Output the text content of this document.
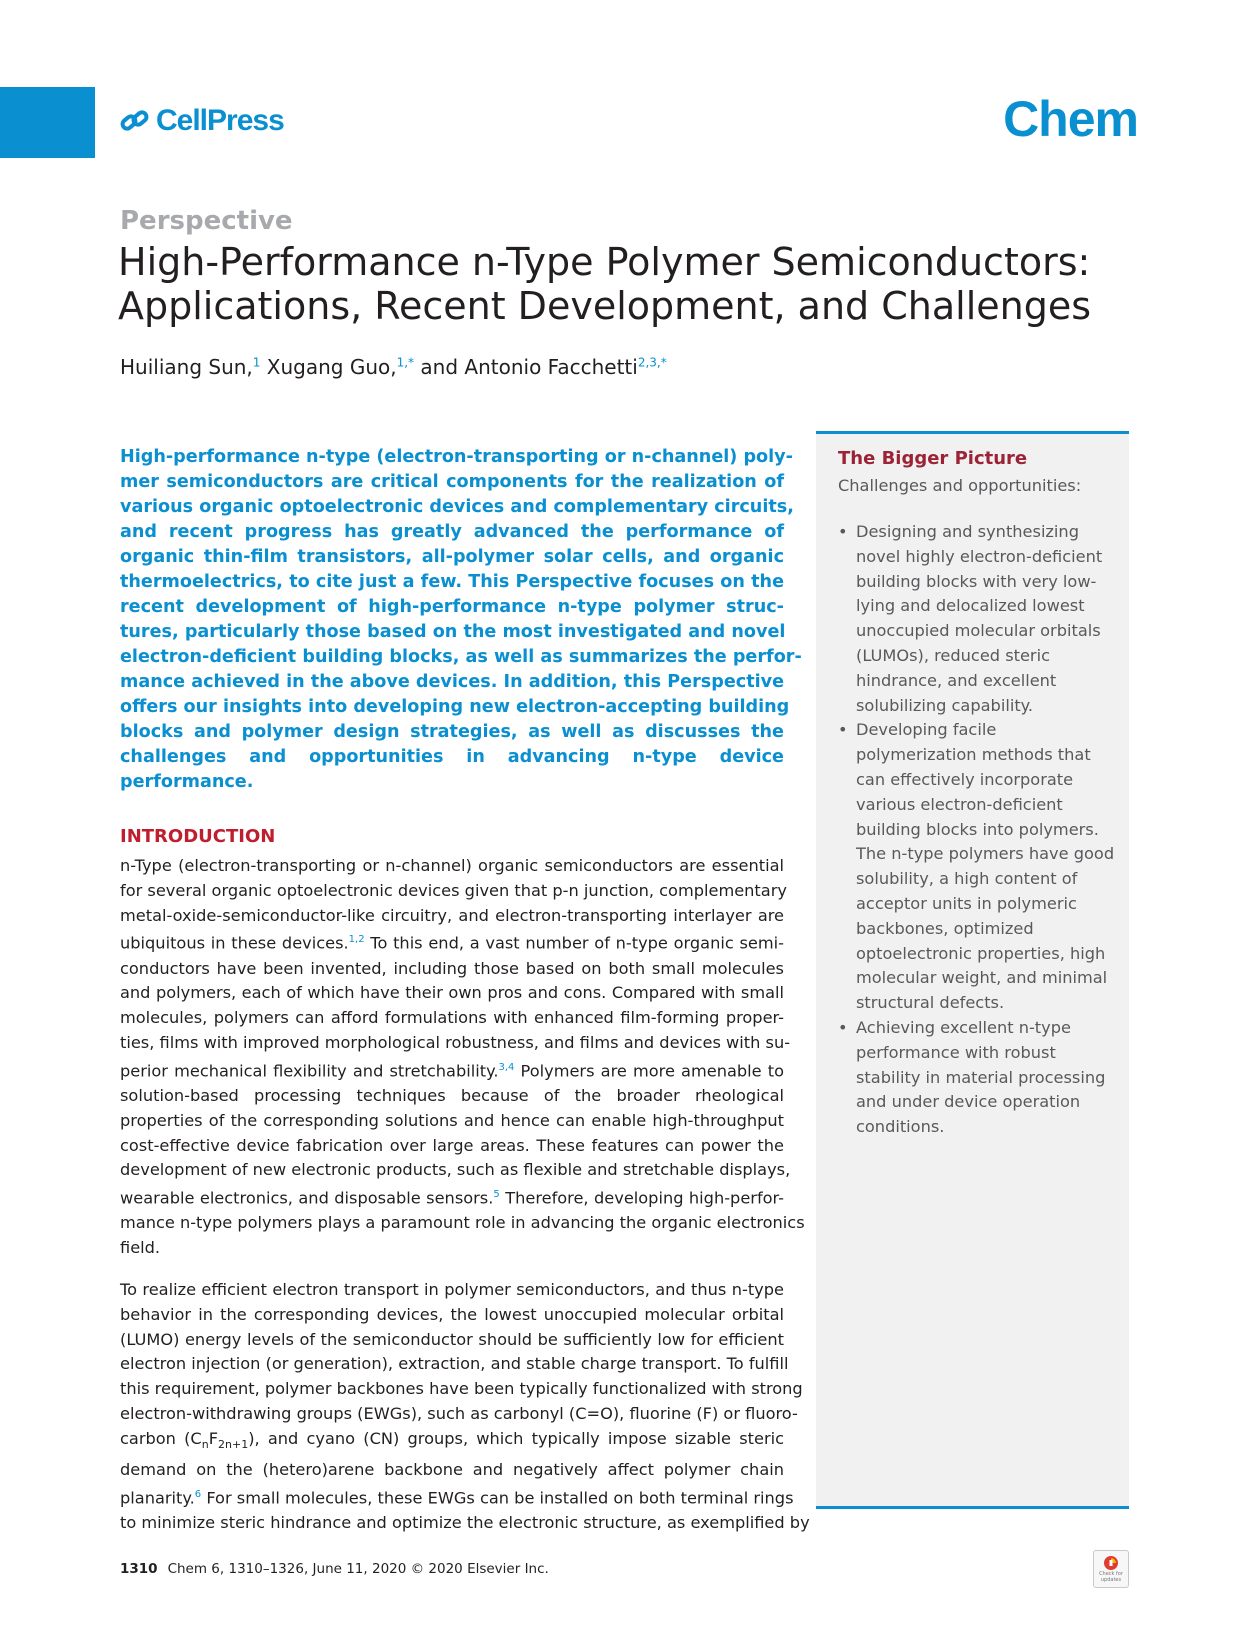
CellPress	Chem
Perspective
High-Performance n-Type Polymer Semiconductors:
Applications, Recent Development, and Challenges
Huiliang Sun,$^1$ Xugang Guo,$^{1,*}$ and Antonio Facchetti$^{2,3,*}$
High-performance n-type (electron-transporting or n-channel) poly-
mer semiconductors are critical components for the realization of
various organic optoelectronic devices and complementary circuits,
and recent progress has greatly advanced the performance of
organic thin-film transistors, all-polymer solar cells, and organic
thermoelectrics, to cite just a few. This Perspective focuses on the
recent development of high-performance n-type polymer struc-
tures, particularly those based on the most investigated and novel
electron-deficient building blocks, as well as summarizes the perfor-
mance achieved in the above devices. In addition, this Perspective
offers our insights into developing new electron-accepting building
blocks and polymer design strategies, as well as discusses the
challenges and opportunities in advancing n-type device
performance.
INTRODUCTION
n-Type (electron-transporting or n-channel) organic semiconductors are essential
for several organic optoelectronic devices given that p-n junction, complementary
metal-oxide-semiconductor-like circuitry, and electron-transporting interlayer are
ubiquitous in these devices.$^{1,2}$ To this end, a vast number of n-type organic semi-
conductors have been invented, including those based on both small molecules
and polymers, each of which have their own pros and cons. Compared with small
molecules, polymers can afford formulations with enhanced film-forming proper-
ties, films with improved morphological robustness, and films and devices with su-
perior mechanical flexibility and stretchability.$^{3,4}$ Polymers are more amenable to
solution-based processing techniques because of the broader rheological
properties of the corresponding solutions and hence can enable high-throughput
cost-effective device fabrication over large areas. These features can power the
development of new electronic products, such as flexible and stretchable displays,
wearable electronics, and disposable sensors.$^5$ Therefore, developing high-perfor-
mance n-type polymers plays a paramount role in advancing the organic electronics
field.
To realize efficient electron transport in polymer semiconductors, and thus n-type
behavior in the corresponding devices, the lowest unoccupied molecular orbital
(LUMO) energy levels of the semiconductor should be sufficiently low for efficient
electron injection (or generation), extraction, and stable charge transport. To fulfill
this requirement, polymer backbones have been typically functionalized with strong
electron-withdrawing groups (EWGs), such as carbonyl (C=O), fluorine (F) or fluoro-
carbon $(C_nF_{2n+1})$, and cyano (CN) groups, which typically impose sizable steric
demand on the (hetero)arene backbone and negatively affect polymer chain
planarity.$^6$ For small molecules, these EWGs can be installed on both terminal rings
to minimize steric hindrance and optimize the electronic structure, as exemplified by
The Bigger Picture
Challenges and opportunities:
• Designing and synthesizing
novel highly electron-deficient
building blocks with very low-
lying and delocalized lowest
unoccupied molecular orbitals
(LUMOs), reduced steric
hindrance, and excellent
solubilizing capability.
• Developing facile
polymerization methods that
can effectively incorporate
various electron-deficient
building blocks into polymers.
The n-type polymers have good
solubility, a high content of
acceptor units in polymeric
backbones, optimized
optoelectronic properties, high
molecular weight, and minimal
structural defects.
• Achieving excellent n-type
performance with robust
stability in material processing
and under device operation
conditions.
1310 Chem 6, 1310–1326, June 11, 2020 © 2020 Elsevier Inc.	Check for updates
